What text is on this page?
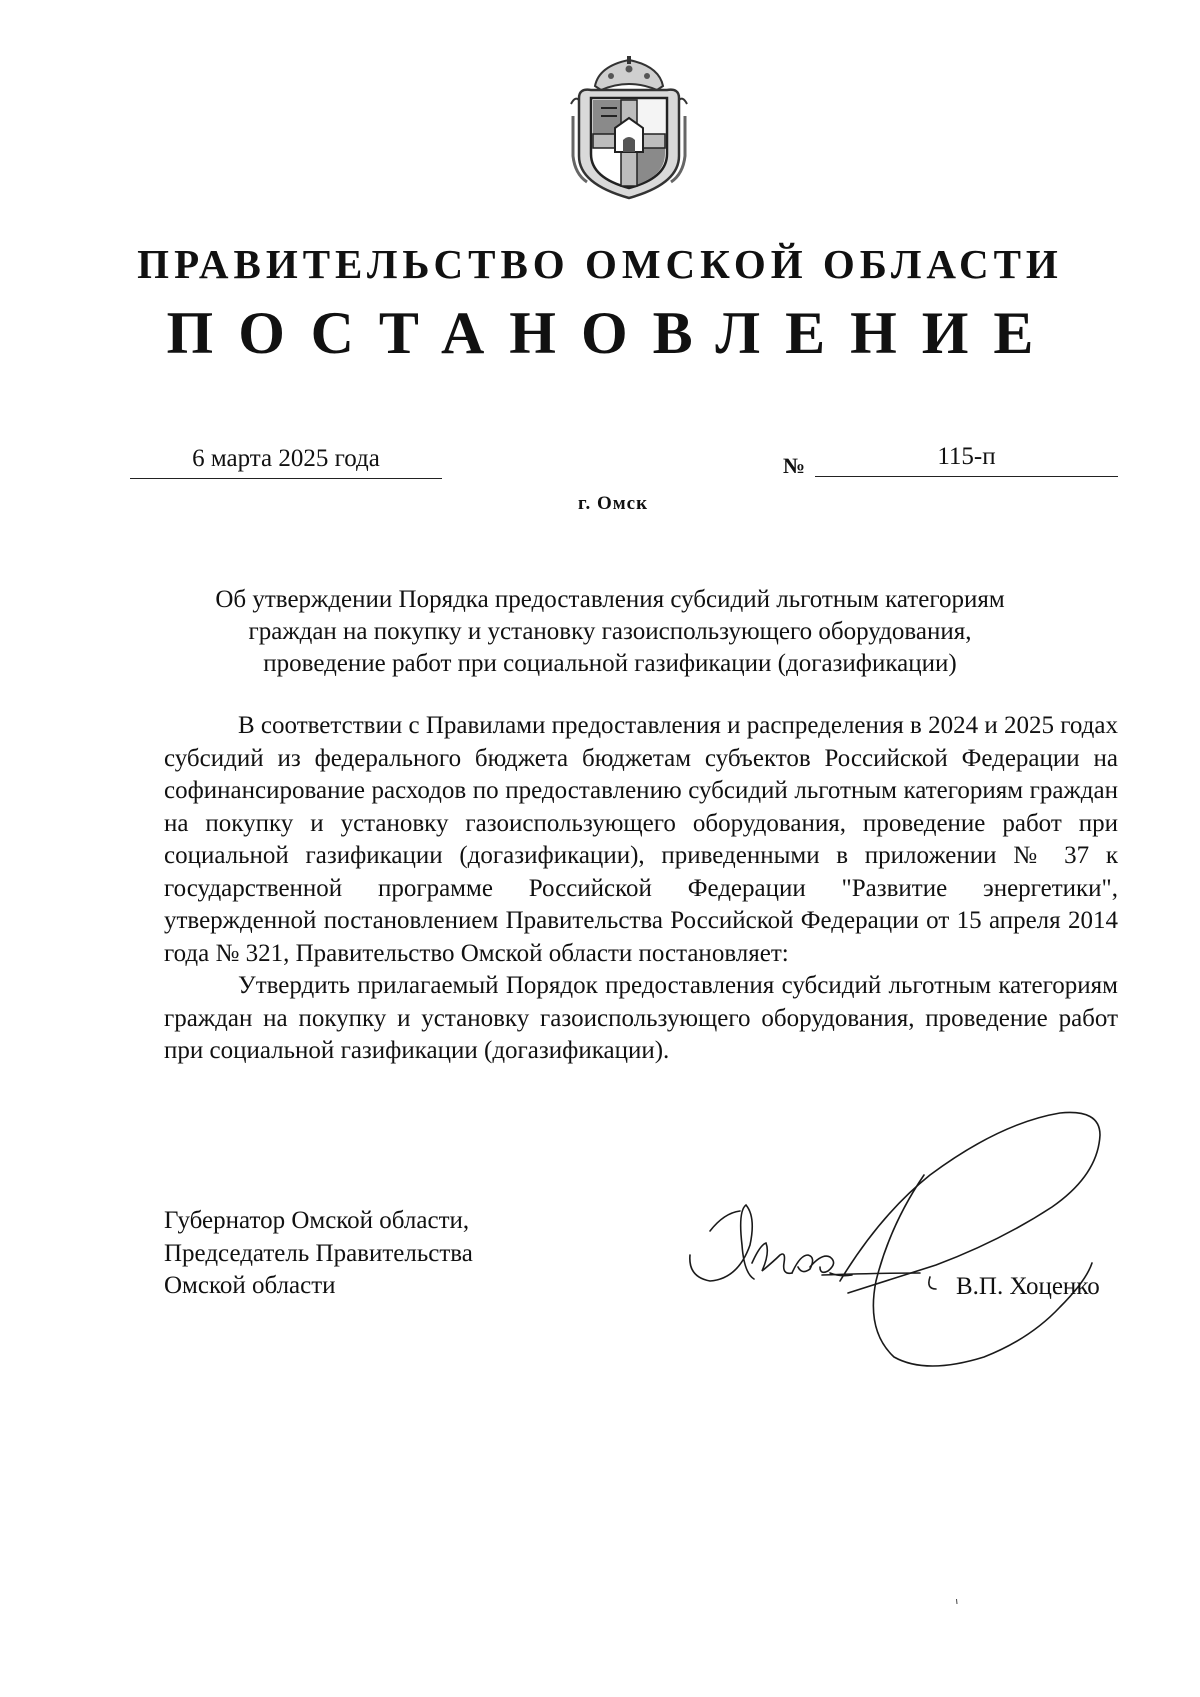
ПРАВИТЕЛЬСТВО ОМСКОЙ ОБЛАСТИ
ПОСТАНОВЛЕНИЕ
6 марта 2025 года	№	115-п
г. Омск
Об утверждении Порядка предоставления субсидий льготным категориям
граждан на покупку и установку газоиспользующего оборудования,
проведение работ при социальной газификации (догазификации)

В соответствии с Правилами предоставления и распределения в 2024 и 2025 годах субсидий из федерального бюджета бюджетам субъектов Российской Федерации на софинансирование расходов по предоставлению субсидий льготным категориям граждан на покупку и установку газоиспользующего оборудования, проведение работ при социальной газификации (догазификации), приведенными в приложении № 37 к государственной программе Российской Федерации "Развитие энергетики", утвержденной постановлением Правительства Российской Федерации от 15 апреля 2014 года № 321, Правительство Омской области постановляет:

Утвердить прилагаемый Порядок предоставления субсидий льготным категориям граждан на покупку и установку газоиспользующего оборудования, проведение работ при социальной газификации (догазификации).

Губернатор Омской области,
Председатель Правительства
Омской области	В.П. Хоценко
